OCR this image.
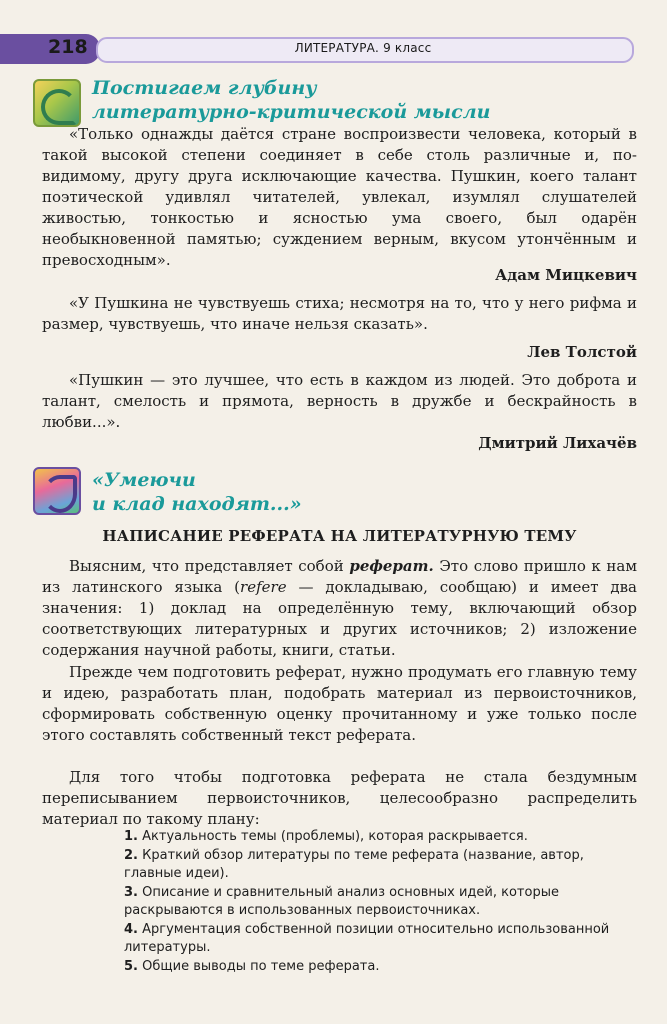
218	ЛИТЕРАТУРА. 9 класс
Постигаем глубину
литературно-критической мысли

«Только однажды даётся стране воспроизвести человека, который в такой высокой степени соединяет в себе столь различные и, по-видимому, другу друга исключающие качества. Пушкин, коего талант поэтической удивлял читателей, увлекал, изумлял слушателей живостью, тонкостью и ясностью ума своего, был одарён необыкновенной памятью; суждением верным, вкусом утончённым и превосходным».

Адам Мицкевич

«У Пушкина не чувствуешь стиха; несмотря на то, что у него рифма и размер, чувствуешь, что иначе нельзя сказать».

Лев Толстой

«Пушкин — это лучшее, что есть в каждом из людей. Это доброта и талант, смелость и прямота, верность в дружбе и бескрайность в любви...».

Дмитрий Лихачёв
«Умеючи
и клад находят...»
НАПИСАНИЕ РЕФЕРАТА НА ЛИТЕРАТУРНУЮ ТЕМУ

Выясним, что представляет собой реферат. Это слово пришло к нам из латинского языка (refere — докладываю, сообщаю) и имеет два значения: 1) доклад на определённую тему, включающий обзор соответствующих литературных и других источников; 2) изложение содержания научной работы, книги, статьи.

Прежде чем подготовить реферат, нужно продумать его главную тему и идею, разработать план, подобрать материал из первоисточников, сформировать собственную оценку прочитанному и уже только после этого составлять собственный текст реферата.

Для того чтобы подготовка реферата не стала бездумным переписыванием первоисточников, целесообразно распределить материал по такому плану:

1. Актуальность темы (проблемы), которая раскрывается.
2. Краткий обзор литературы по теме реферата (название, автор, главные идеи).
3. Описание и сравнительный анализ основных идей, которые раскрываются в использованных первоисточниках.
4. Аргументация собственной позиции относительно использованной литературы.
5. Общие выводы по теме реферата.
